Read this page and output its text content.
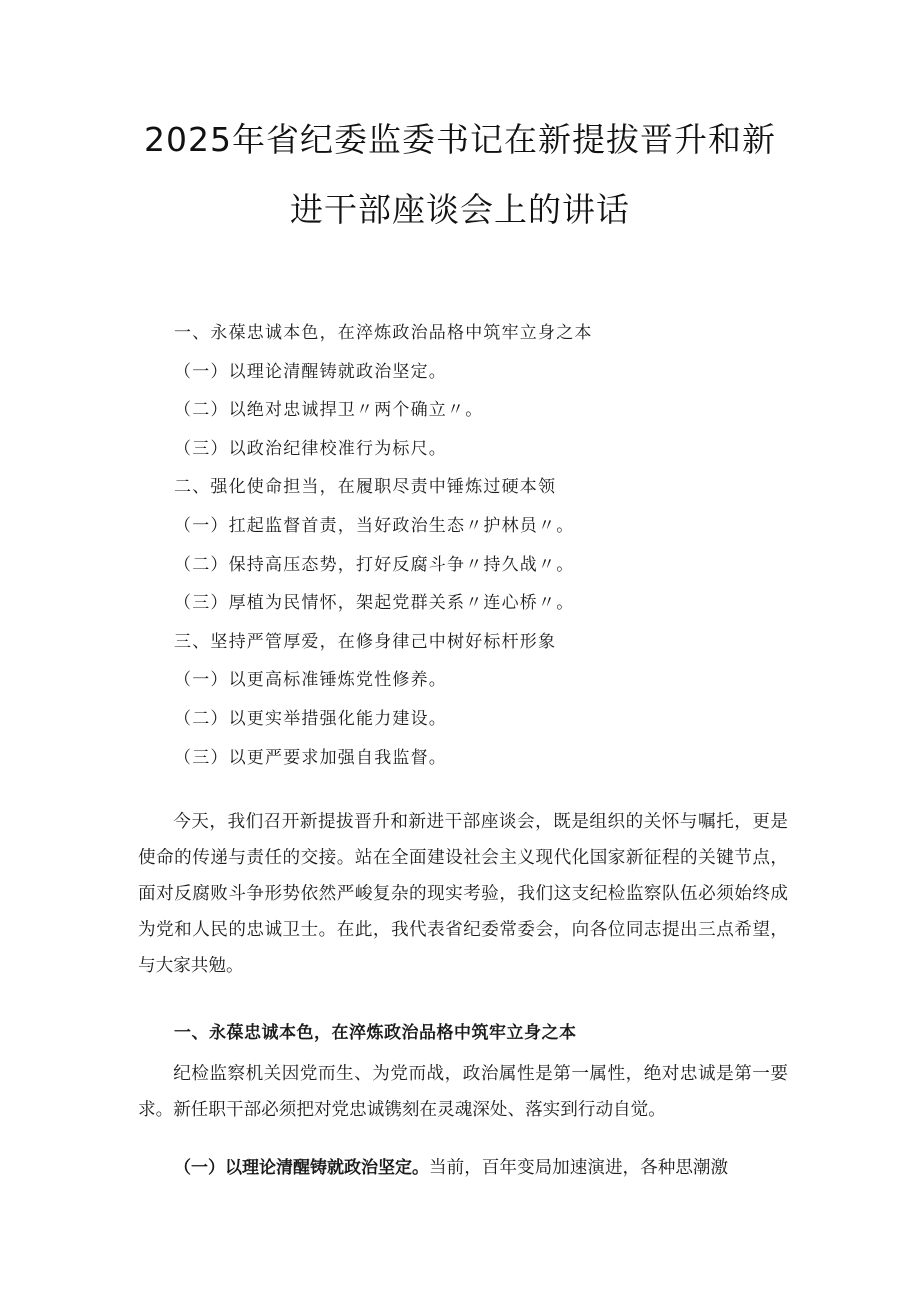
2025年省纪委监委书记在新提拔晋升和新
进干部座谈会上的讲话
一、永葆忠诚本色，在淬炼政治品格中筑牢立身之本
（一）以理论清醒铸就政治坚定。
（二）以绝对忠诚捍卫〃两个确立〃。
（三）以政治纪律校准行为标尺。
二、强化使命担当，在履职尽责中锤炼过硬本领
（一）扛起监督首责，当好政治生态〃护林员〃。
（二）保持高压态势，打好反腐斗争〃持久战〃。
（三）厚植为民情怀，架起党群关系〃连心桥〃。
三、坚持严管厚爱，在修身律己中树好标杆形象
（一）以更高标准锤炼党性修养。
（二）以更实举措强化能力建设。
（三）以更严要求加强自我监督。

今天，我们召开新提拔晋升和新进干部座谈会，既是组织的关怀与嘱托，更是使命的传递与责任的交接。站在全面建设社会主义现代化国家新征程的关键节点，面对反腐败斗争形势依然严峻复杂的现实考验，我们这支纪检监察队伍必须始终成为党和人民的忠诚卫士。在此，我代表省纪委常委会，向各位同志提出三点希望，与大家共勉。

一、永葆忠诚本色，在淬炼政治品格中筑牢立身之本

纪检监察机关因党而生、为党而战，政治属性是第一属性，绝对忠诚是第一要求。新任职干部必须把对党忠诚镌刻在灵魂深处、落实到行动自觉。

（一）以理论清醒铸就政治坚定。当前，百年变局加速演进，各种思潮激
